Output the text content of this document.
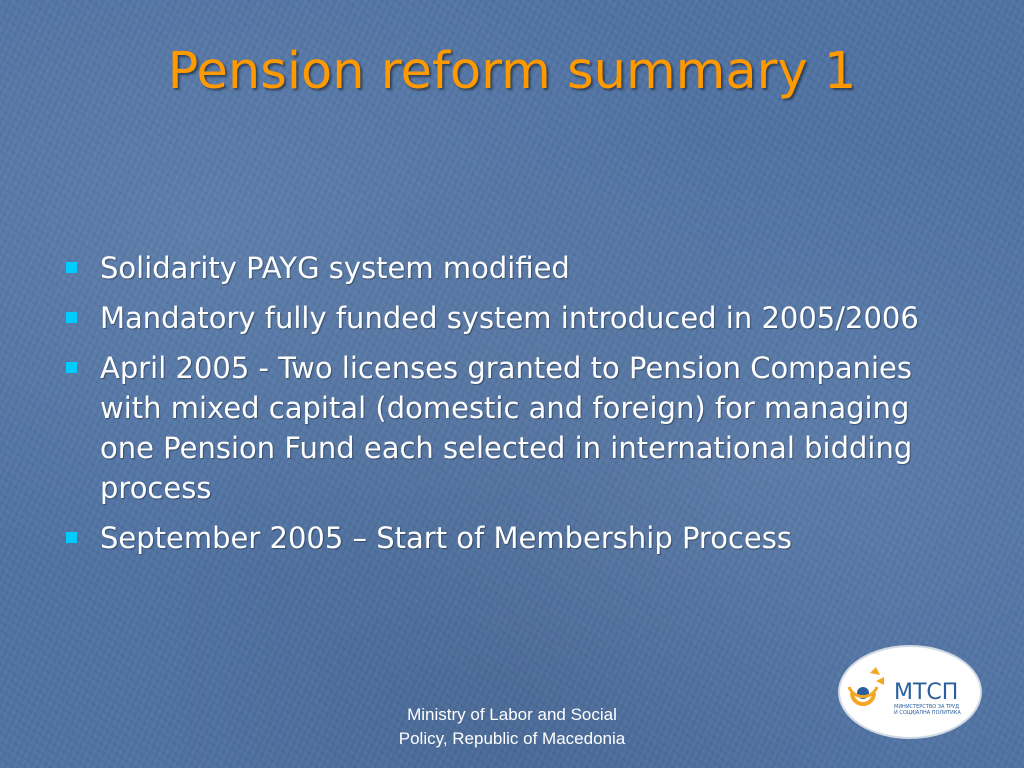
Pension reform summary 1
Solidarity PAYG system modified
Mandatory fully funded system introduced in 2005/2006
April 2005 - Two licenses granted to Pension Companies with mixed capital (domestic and foreign) for managing one Pension Fund each selected in international bidding process
September 2005 – Start of Membership Process
Ministry of Labor and Social
Policy, Republic of Macedonia
МТСП
МИНИСТЕРСТВО ЗА ТРУД
И СОЦИЈАЛНА ПОЛИТИКА
